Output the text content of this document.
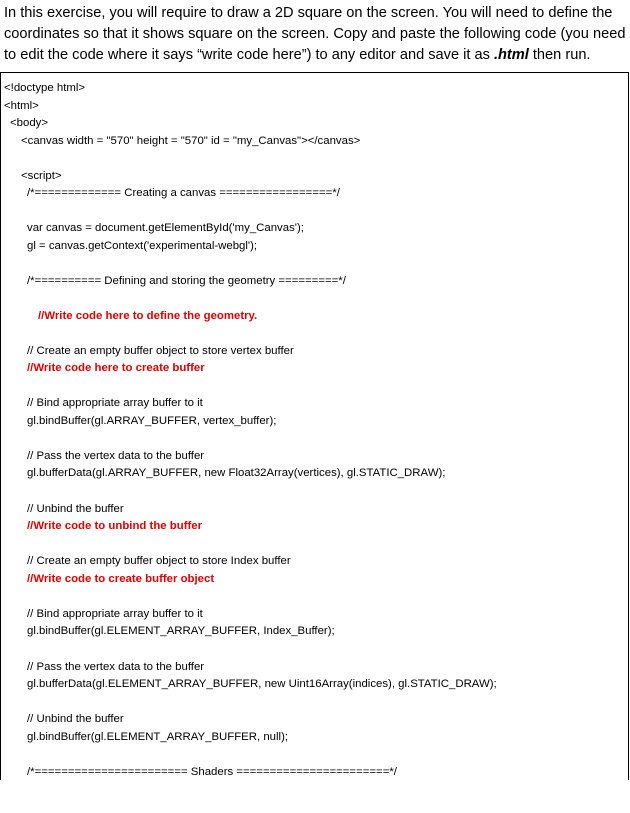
In this exercise, you will require to draw a 2D square on the screen. You will need to define the
coordinates so that it shows square on the screen. Copy and paste the following code (you need
to edit the code where it says “write code here”) to any editor and save it as .html then run.
<!doctype html>
<html>
<body>
<canvas width = "570" height = "570" id = "my_Canvas"></canvas>
<script>
/*============= Creating a canvas =================*/
var canvas = document.getElementById('my_Canvas');
gl = canvas.getContext('experimental-webgl');
/*========== Defining and storing the geometry =========*/
//Write code here to define the geometry.
// Create an empty buffer object to store vertex buffer
//Write code here to create buffer
// Bind appropriate array buffer to it
gl.bindBuffer(gl.ARRAY_BUFFER, vertex_buffer);
// Pass the vertex data to the buffer
gl.bufferData(gl.ARRAY_BUFFER, new Float32Array(vertices), gl.STATIC_DRAW);
// Unbind the buffer
//Write code to unbind the buffer
// Create an empty buffer object to store Index buffer
//Write code to create buffer object
// Bind appropriate array buffer to it
gl.bindBuffer(gl.ELEMENT_ARRAY_BUFFER, Index_Buffer);
// Pass the vertex data to the buffer
gl.bufferData(gl.ELEMENT_ARRAY_BUFFER, new Uint16Array(indices), gl.STATIC_DRAW);
// Unbind the buffer
gl.bindBuffer(gl.ELEMENT_ARRAY_BUFFER, null);
/*======================= Shaders =======================*/
